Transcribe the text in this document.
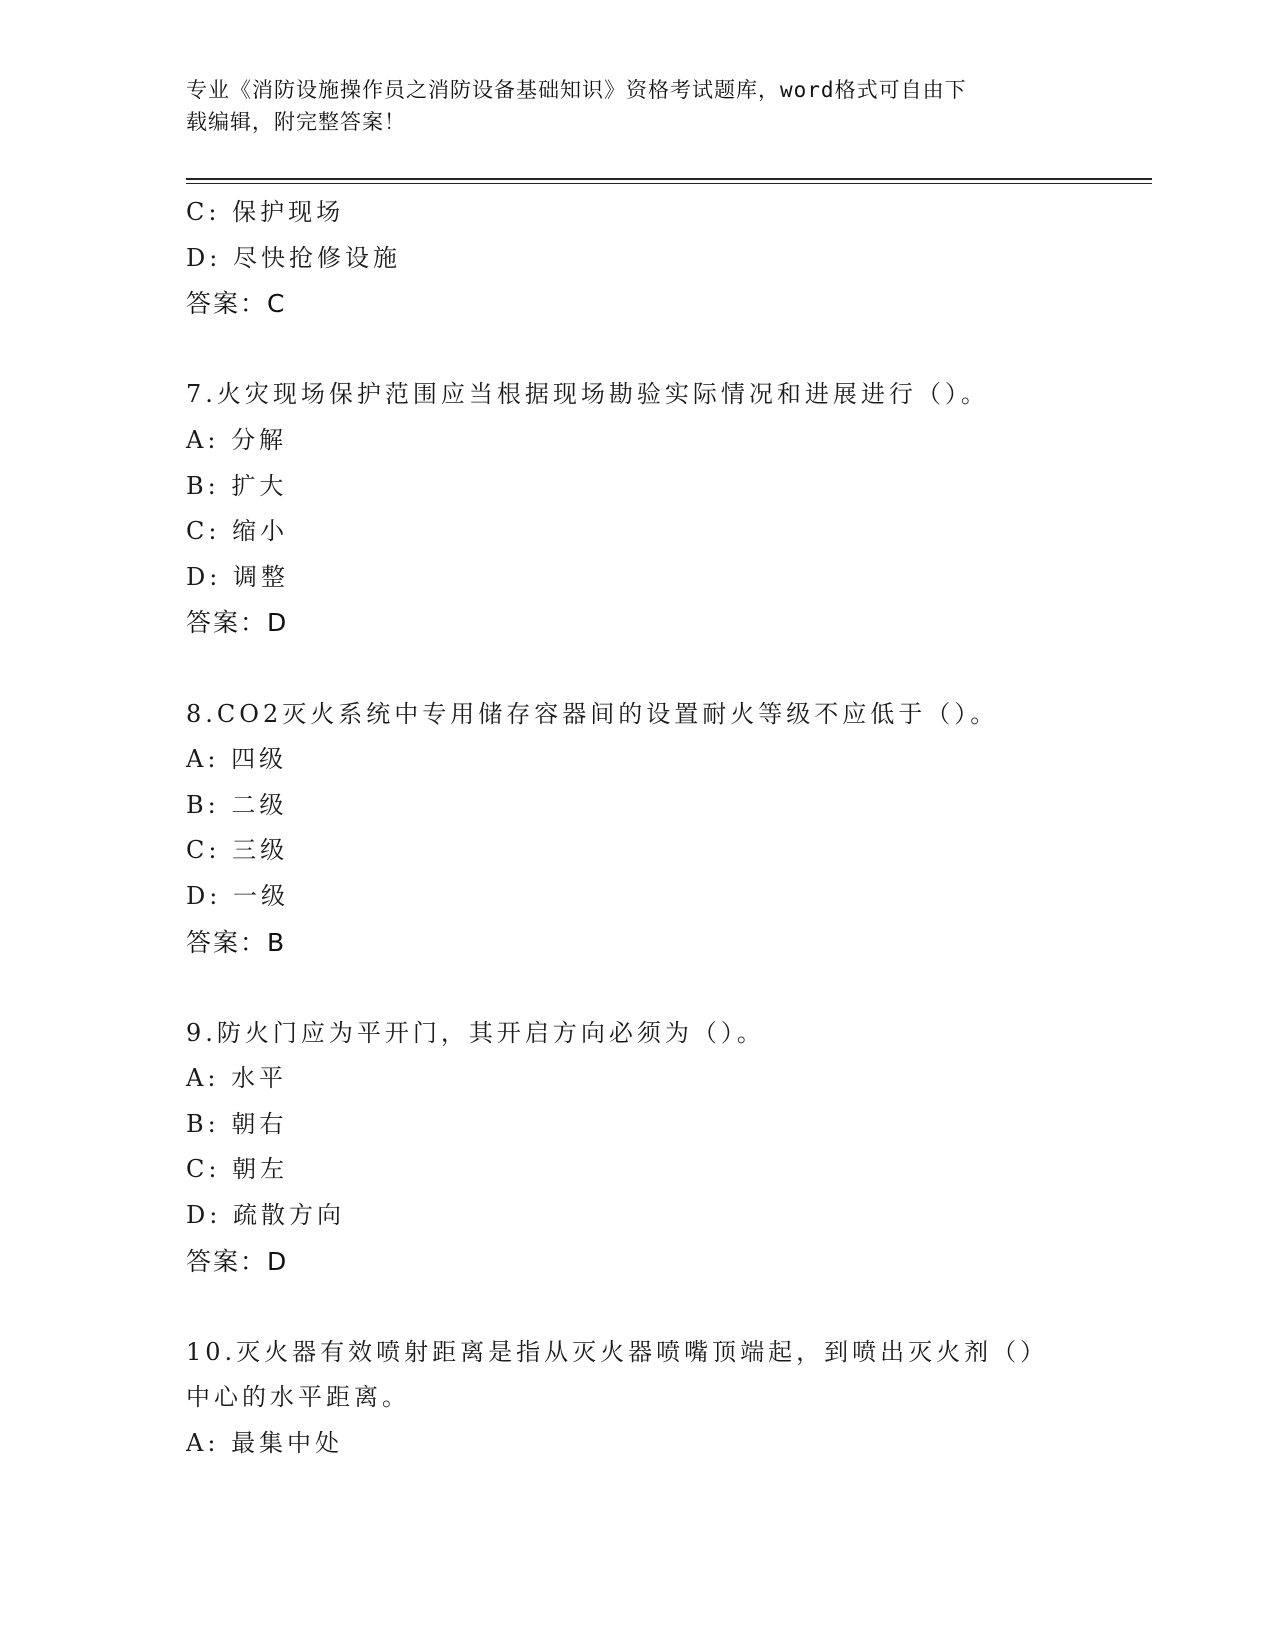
专业《消防设施操作员之消防设备基础知识》资格考试题库，word格式可自由下
载编辑，附完整答案！
C: 保护现场
D: 尽快抢修设施
答案：C
7.火灾现场保护范围应当根据现场勘验实际情况和进展进行（）。
A: 分解
B: 扩大
C: 缩小
D: 调整
答案：D
8.CO2灭火系统中专用储存容器间的设置耐火等级不应低于（）。
A: 四级
B: 二级
C: 三级
D: 一级
答案：B
9.防火门应为平开门，其开启方向必须为（）。
A: 水平
B: 朝右
C: 朝左
D: 疏散方向
答案：D
10.灭火器有效喷射距离是指从灭火器喷嘴顶端起，到喷出灭火剂（）
中心的水平距离。
A: 最集中处
